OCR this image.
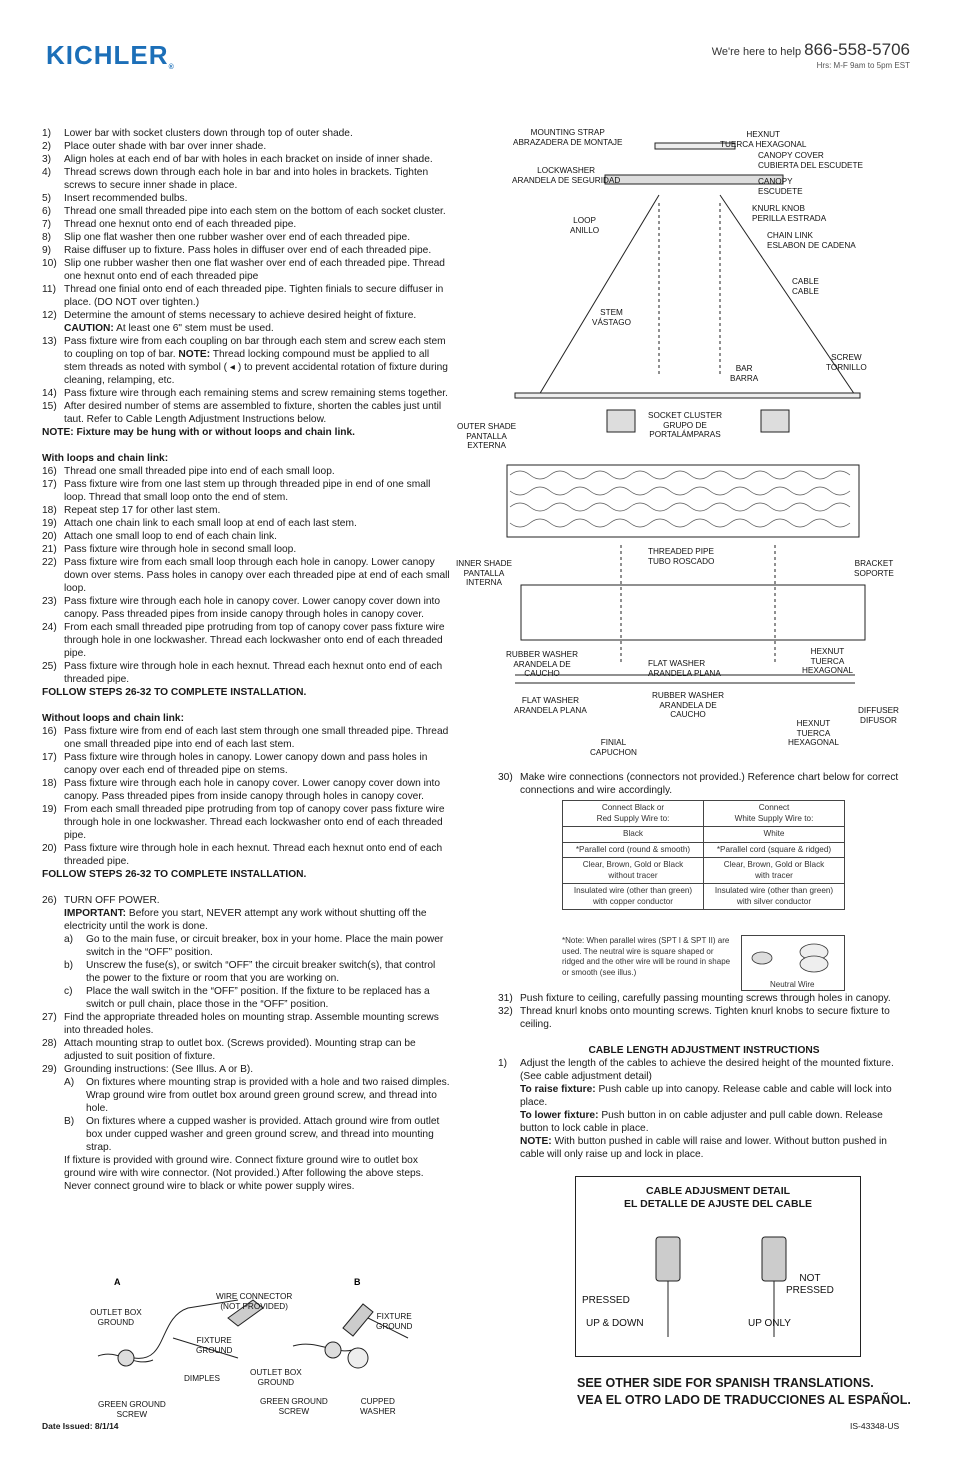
KICHLER®
We're here to help 866-558-5706
Hrs: M-F 9am to 5pm EST
1)	Lower bar with socket clusters down through top of outer shade.
2)	Place outer shade with bar over inner shade.
3)	Align holes at each end of bar with holes in each bracket on inside of inner shade.
4)	Thread screws down through each hole in bar and into holes in brackets. Tighten screws to secure inner shade in place.
5)	Insert recommended bulbs.
6)	Thread one small threaded pipe into each stem on the bottom of each socket cluster.
7)	Thread one hexnut onto end of each threaded pipe.
8)	Slip one flat washer then one rubber washer over end of each threaded pipe.
9)	Raise diffuser up to fixture. Pass holes in diffuser over end of each threaded pipe.
10) Slip one rubber washer then one flat washer over end of each threaded pipe. Thread one hexnut onto end of each threaded pipe
11) Thread one finial onto end of each threaded pipe. Tighten finials to secure diffuser in place. (DO NOT over tighten.)
12) Determine the amount of stems necessary to achieve desired height of fixture. CAUTION: At least one 6" stem must be used.
13) Pass fixture wire from each coupling on bar through each stem and screw each stem to coupling on top of bar. NOTE: Thread locking compound must be applied to all stem threads as noted with symbol ( ◂ ) to prevent accidental rotation of fixture during cleaning, relamping, etc.
14) Pass fixture wire through each remaining stems and screw remaining stems together.
15) After desired number of stems are assembled to fixture, shorten the cables just until taut. Refer to Cable Length Adjustment Instructions below.
NOTE: Fixture may be hung with or without loops and chain link.
With loops and chain link:
16) Thread one small threaded pipe into end of each small loop.
17) Pass fixture wire from one last stem up through threaded pipe in end of one small loop. Thread that small loop onto the end of stem.
18) Repeat step 17 for other last stem.
19) Attach one chain link to each small loop at end of each last stem.
20) Attach one small loop to end of each chain link.
21) Pass fixture wire through hole in second small loop.
22) Pass fixture wire from each small loop through each hole in canopy. Lower canopy down over stems. Pass holes in canopy over each threaded pipe at end of each small loop.
23) Pass fixture wire through each hole in canopy cover. Lower canopy cover down into canopy. Pass threaded pipes from inside canopy through holes in canopy cover.
24) From each small threaded pipe protruding from top of canopy cover pass fixture wire through hole in one lockwasher. Thread each lockwasher onto end of each threaded pipe.
25) Pass fixture wire through hole in each hexnut. Thread each hexnut onto end of each threaded pipe.
FOLLOW STEPS 26-32 TO COMPLETE INSTALLATION.
Without loops and chain link:
16) Pass fixture wire from end of each last stem through one small threaded pipe. Thread one small threaded pipe into end of each last stem.
17) Pass fixture wire through holes in canopy. Lower canopy down and pass holes in canopy over each end of threaded pipe on stems.
18) Pass fixture wire through each hole in canopy cover. Lower canopy cover down into canopy. Pass threaded pipes from inside canopy through holes in canopy cover.
19) From each small threaded pipe protruding from top of canopy cover pass fixture wire through hole in one lockwasher. Thread each lockwasher onto end of each threaded pipe.
20) Pass fixture wire through hole in each hexnut. Thread each hexnut onto end of each threaded pipe.
FOLLOW STEPS 26-32 TO COMPLETE INSTALLATION.
26) TURN OFF POWER.
IMPORTANT: Before you start, NEVER attempt any work without shutting off the electricity until the work is done.
a)	Go to the main fuse, or circuit breaker, box in your home. Place the main power switch in the “OFF” position.
b)	Unscrew the fuse(s), or switch “OFF” the circuit breaker switch(s), that control the power to the fixture or room that you are working on.
c)	Place the wall switch in the “OFF” position. If the fixture to be replaced has a switch or pull chain, place those in the “OFF” position.
27) Find the appropriate threaded holes on mounting strap. Assemble mounting screws into threaded holes.
28) Attach mounting strap to outlet box. (Screws provided). Mounting strap can be adjusted to suit position of fixture.
29) Grounding instructions: (See Illus. A or B).
A)	On fixtures where mounting strap is provided with a hole and two raised dimples. Wrap ground wire from outlet box around green ground screw, and thread into hole.
B)	On fixtures where a cupped washer is provided. Attach ground wire from outlet box under cupped washer and green ground screw, and thread into mounting strap.
If fixture is provided with ground wire. Connect fixture ground wire to outlet box ground wire with wire connector. (Not provided.) After following the above steps. Never connect ground wire to black or white power supply wires.
A	B
OUTLET BOX
GROUND
WIRE CONNECTOR
(NOT PROVIDED)
FIXTURE
GROUND
DIMPLES
GREEN GROUND
SCREW
FIXTURE
GROUND
OUTLET BOX
GROUND
GREEN GROUND
SCREW
CUPPED
WASHER
Date Issued: 8/1/14	IS-43348-US
MOUNTING STRAP
ABRAZADERA DE MONTAJE
HEXNUT
TUERCA HEXAGONAL
CANOPY COVER
CUBIERTA DEL ESCUDETE
LOCKWASHER
ARANDELA DE SEGURIDAD	CANOPY
ESCUDETE
KNURL KNOB
PERILLA ESTRADA
LOOP
ANILLO
CHAIN LINK
ESLABON DE CADENA
CABLE
CABLE
STEM
VÁSTAGO
BAR
BARRA
SCREW
TORNILLO
OUTER SHADE
PANTALLA
EXTERNA
SOCKET CLUSTER
GRUPO DE
PORTALÁMPARAS
THREADED PIPE
TUBO ROSCADO
INNER SHADE
PANTALLA
INTERNA
BRACKET
SOPORTE
RUBBER WASHER
ARANDELA DE
CAUCHO
FLAT WASHER
ARANDELA PLANA
HEXNUT
TUERCA
HEXAGONAL
FLAT WASHER
ARANDELA PLANA
RUBBER WASHER
ARANDELA DE
CAUCHO	DIFFUSER
DIFUSOR
HEXNUT
TUERCA
HEXAGONAL
FINIAL
CAPUCHON
30) Make wire connections (connectors not provided.) Reference chart below for correct connections and wire accordingly.
Connect Black or
Red Supply Wire to:	Connect
White Supply Wire to:
Black	White
*Parallel cord (round & smooth)	*Parallel cord (square & ridged)
Clear, Brown, Gold or Black
without tracer	Clear, Brown, Gold or Black
with tracer
Insulated wire (other than green)
with copper conductor	Insulated wire (other than green)
with silver conductor
*Note: When parallel wires (SPT I & SPT II) are used. The neutral wire is square shaped or ridged and the other wire will be round in shape or smooth (see illus.)
Neutral Wire
31) Push fixture to ceiling, carefully passing mounting screws through holes in canopy.
32) Thread knurl knobs onto mounting screws. Tighten knurl knobs to secure fixture to ceiling.
CABLE LENGTH ADJUSTMENT INSTRUCTIONS
1)	Adjust the length of the cables to achieve the desired height of the mounted fixture. (See cable adjustment detail)
To raise fixture: Push cable up into canopy. Release cable and cable will lock into place.
To lower fixture: Push button in on cable adjuster and pull cable down. Release button to lock cable in place.
NOTE: With button pushed in cable will raise and lower. Without button pushed in cable will only raise up and lock in place.
CABLE ADJUSMENT DETAIL
EL DETALLE DE AJUSTE DEL CABLE
PRESSED
NOT
PRESSED
UP & DOWN	UP ONLY
SEE OTHER SIDE FOR SPANISH TRANSLATIONS.
VEA EL OTRO LADO DE TRADUCCIONES AL ESPAÑOL.
